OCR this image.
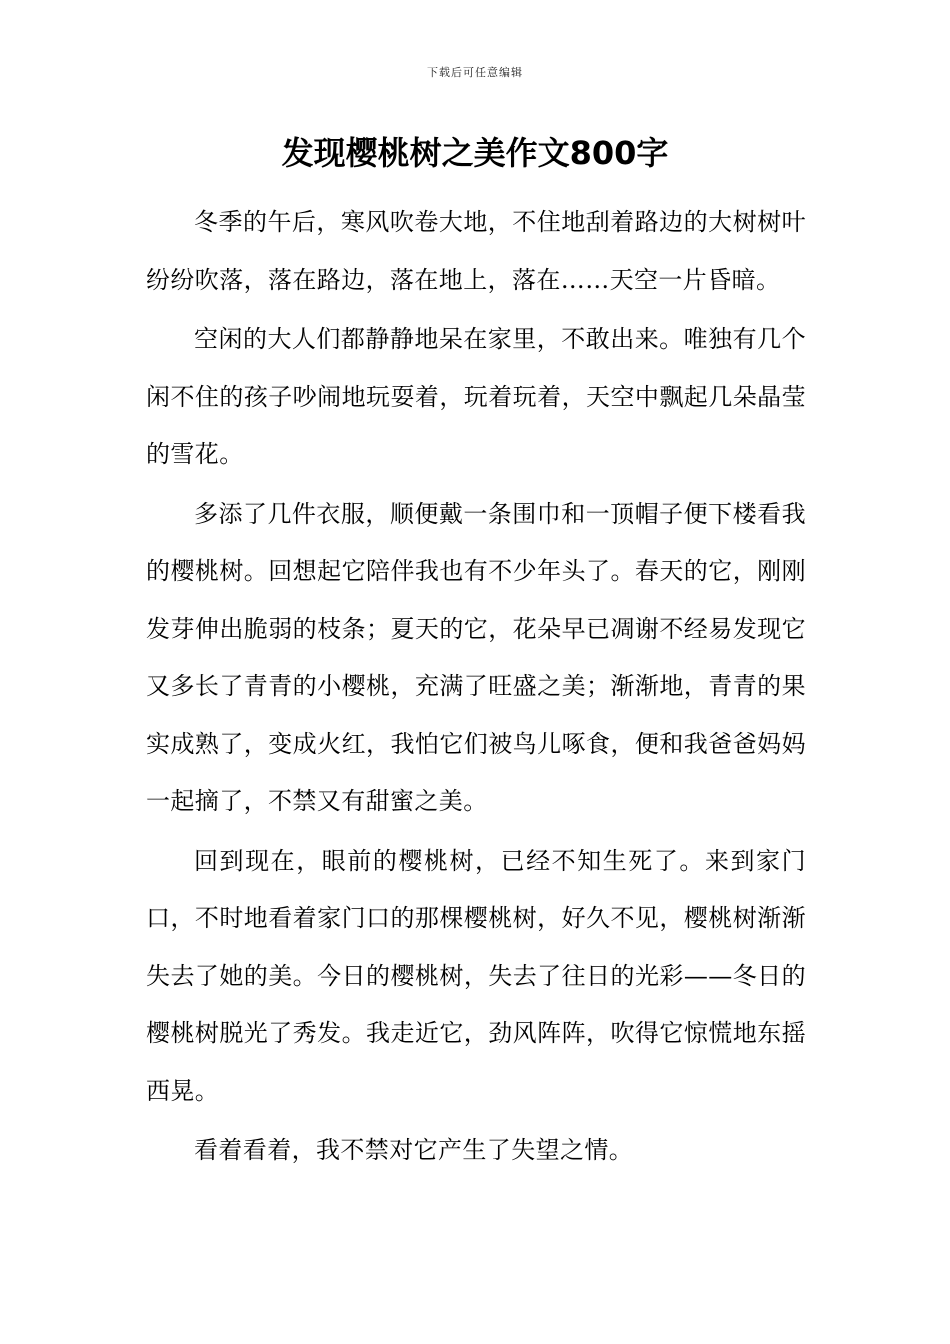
下载后可任意编辑
发现樱桃树之美作文800字

冬季的午后，寒风吹卷大地，不住地刮着路边的大树树叶纷纷吹落，落在路边，落在地上，落在……天空一片昏暗。

空闲的大人们都静静地呆在家里，不敢出来。唯独有几个闲不住的孩子吵闹地玩耍着，玩着玩着，天空中飘起几朵晶莹的雪花。

多添了几件衣服，顺便戴一条围巾和一顶帽子便下楼看我的樱桃树。回想起它陪伴我也有不少年头了。春天的它，刚刚发芽伸出脆弱的枝条；夏天的它，花朵早已凋谢不经易发现它又多长了青青的小樱桃，充满了旺盛之美；渐渐地，青青的果实成熟了，变成火红，我怕它们被鸟儿啄食，便和我爸爸妈妈一起摘了，不禁又有甜蜜之美。

回到现在，眼前的樱桃树，已经不知生死了。来到家门口，不时地看着家门口的那棵樱桃树，好久不见，樱桃树渐渐失去了她的美。今日的樱桃树，失去了往日的光彩——冬日的樱桃树脱光了秀发。我走近它，劲风阵阵，吹得它惊慌地东摇西晃。

看着看着，我不禁对它产生了失望之情。
